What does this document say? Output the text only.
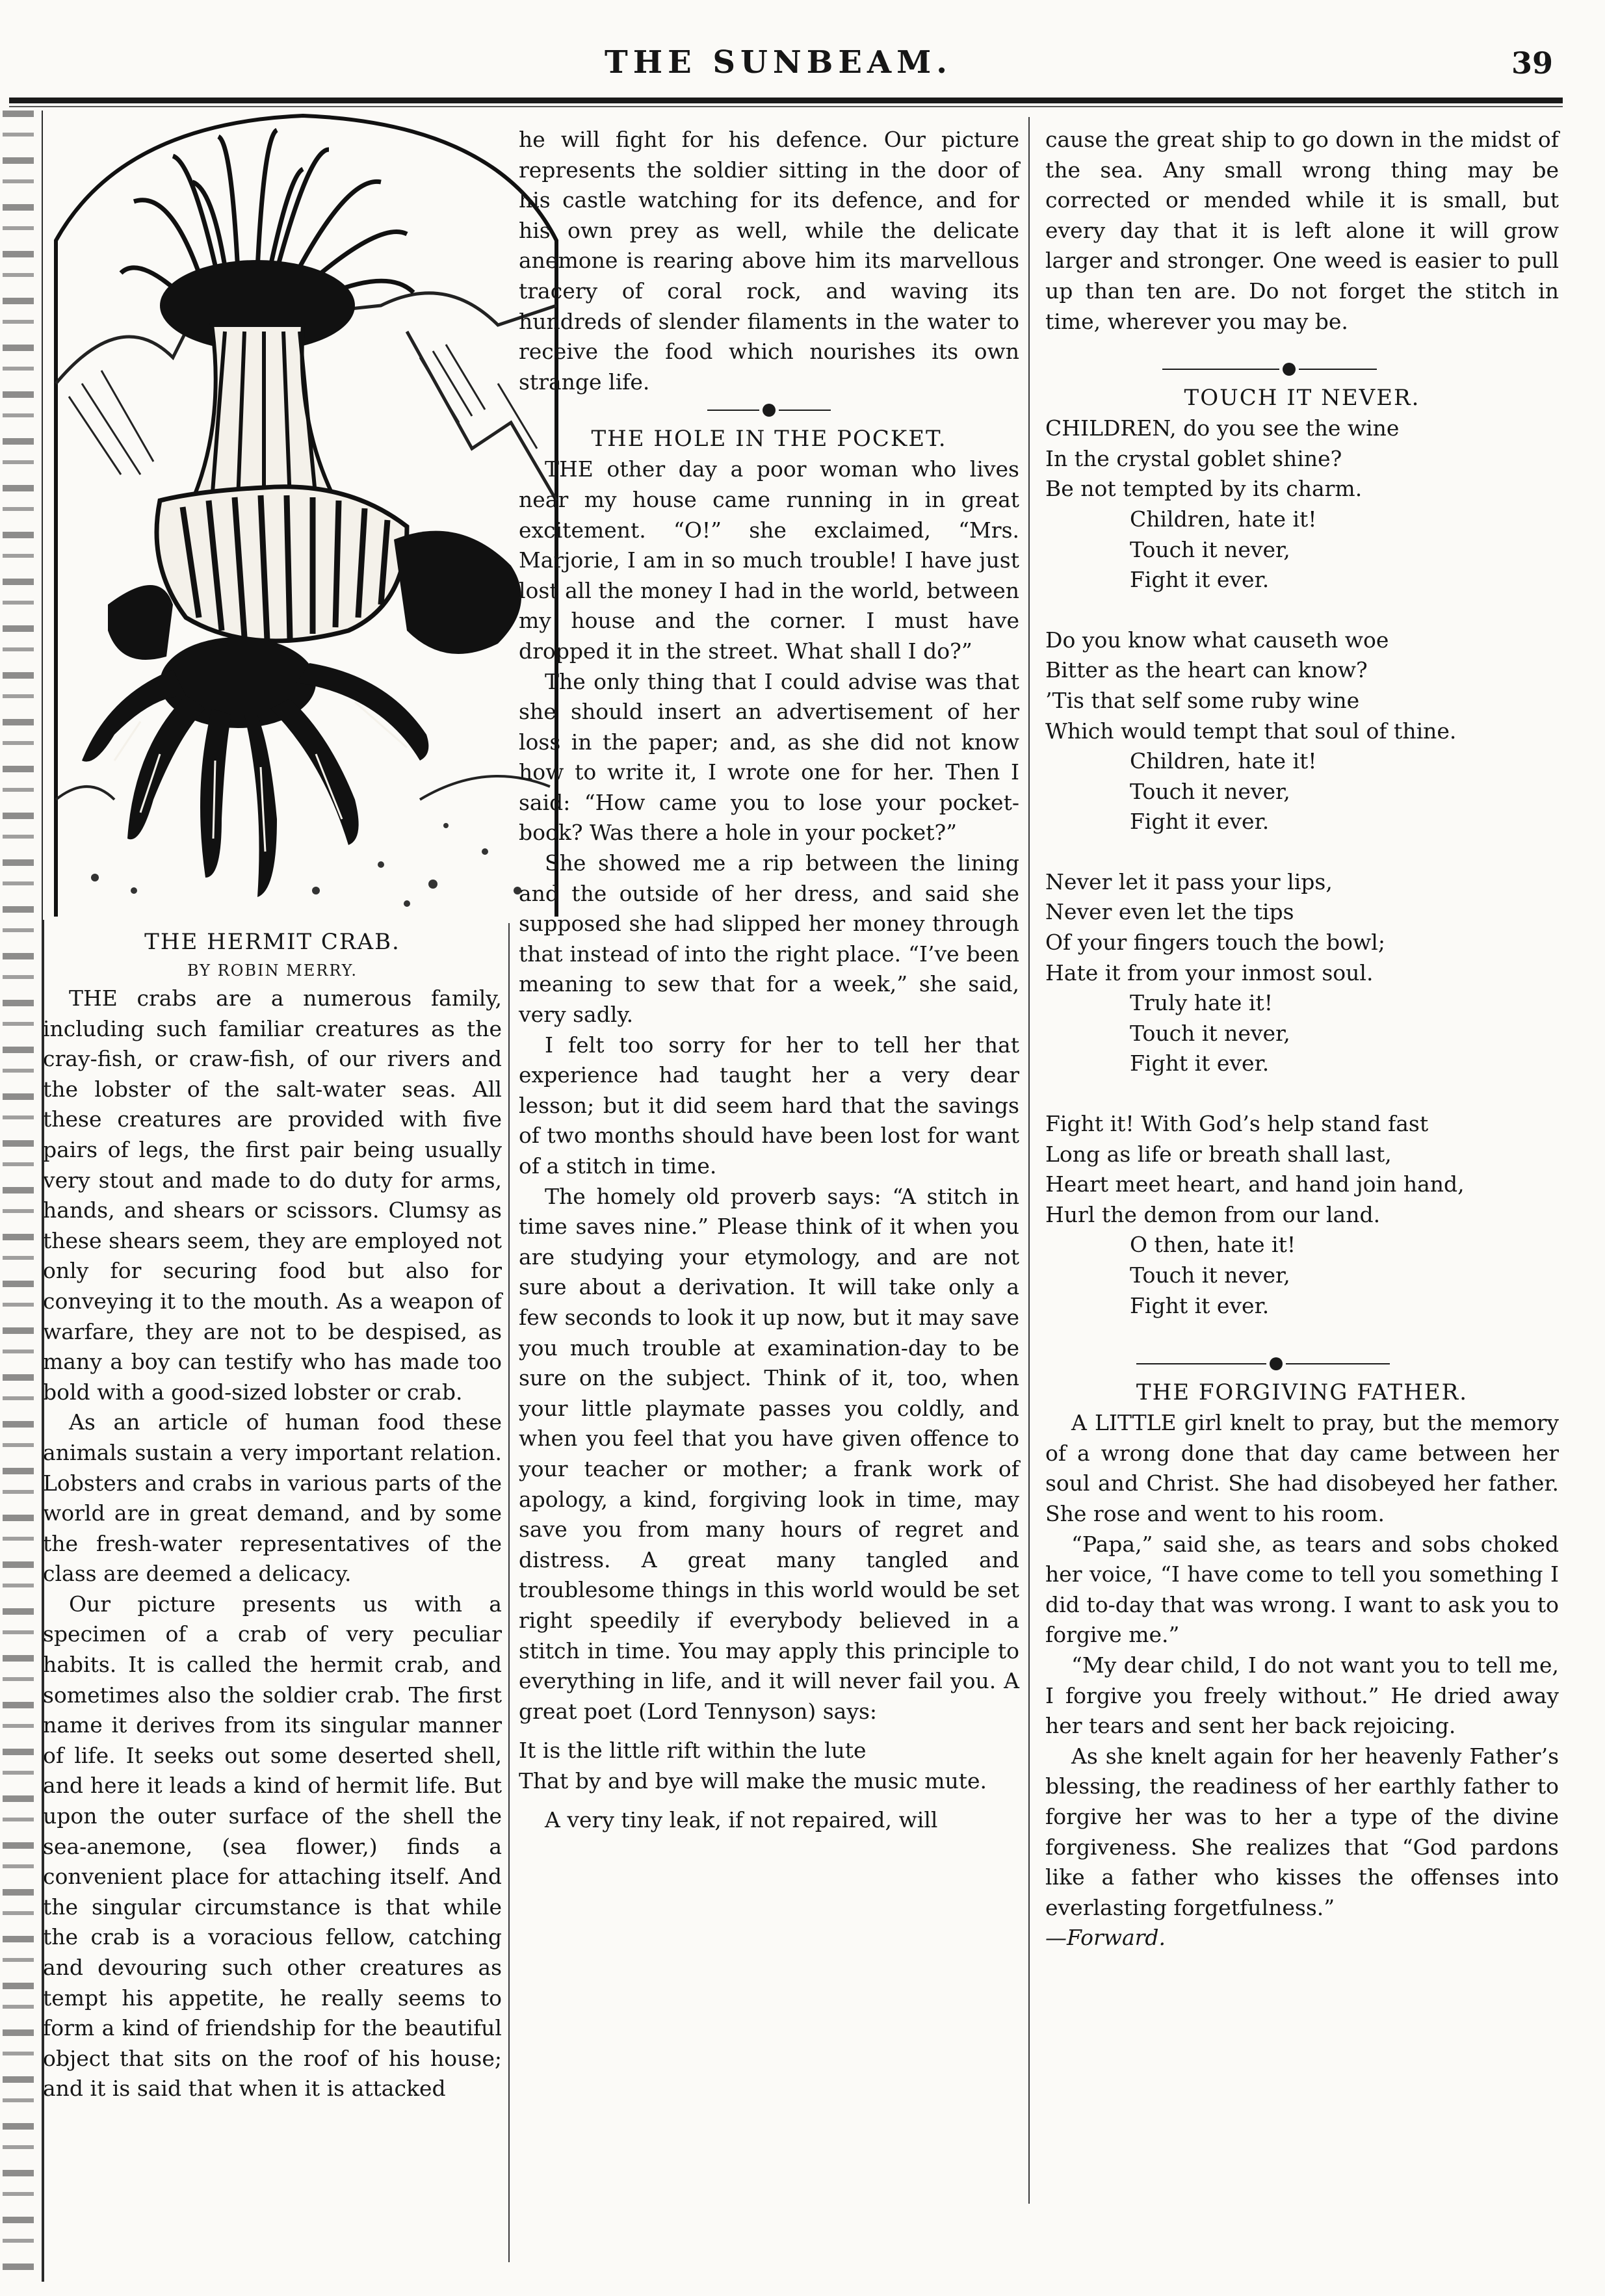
THE SUNBEAM.	39

THE HERMIT CRAB.

BY ROBIN MERRY.

THE crabs are a numerous family, including such familiar creatures as the cray-fish, or craw-fish, of our rivers and the lobster of the salt-water seas. All these creatures are provided with five pairs of legs, the first pair being usually very stout and made to do duty for arms, hands, and shears or scissors. Clumsy as these shears seem, they are employed not only for securing food but also for conveying it to the mouth. As a weapon of warfare, they are not to be despised, as many a boy can testify who has made too bold with a good-sized lobster or crab.

As an article of human food these animals sustain a very important relation. Lobsters and crabs in various parts of the world are in great demand, and by some the fresh-water representatives of the class are deemed a delicacy.

Our picture presents us with a specimen of a crab of very peculiar habits. It is called the hermit crab, and sometimes also the soldier crab. The first name it derives from its singular manner of life. It seeks out some deserted shell, and here it leads a kind of hermit life. But upon the outer surface of the shell the sea-anemone, (sea flower,) finds a convenient place for attaching itself. And the singular circumstance is that while the crab is a voracious fellow, catching and devouring such other creatures as tempt his appetite, he really seems to form a kind of friendship for the beautiful object that sits on the roof of his house; and it is said that when it is attacked

he will fight for his defence. Our picture represents the soldier sitting in the door of his castle watching for its defence, and for his own prey as well, while the delicate anemone is rearing above him its marvellous tracery of coral rock, and waving its hundreds of slender filaments in the water to receive the food which nourishes its own strange life.

THE HOLE IN THE POCKET.

THE other day a poor woman who lives near my house came running in in great excitement. “O!” she exclaimed, “Mrs. Marjorie, I am in so much trouble! I have just lost all the money I had in the world, between my house and the corner. I must have dropped it in the street. What shall I do?”

The only thing that I could advise was that she should insert an advertisement of her loss in the paper; and, as she did not know how to write it, I wrote one for her. Then I said: “How came you to lose your pocket-book? Was there a hole in your pocket?”

She showed me a rip between the lining and the outside of her dress, and said she supposed she had slipped her money through that instead of into the right place. “I’ve been meaning to sew that for a week,” she said, very sadly.

I felt too sorry for her to tell her that experience had taught her a very dear lesson; but it did seem hard that the savings of two months should have been lost for want of a stitch in time.

The homely old proverb says: “A stitch in time saves nine.” Please think of it when you are studying your etymology, and are not sure about a derivation. It will take only a few seconds to look it up now, but it may save you much trouble at examination-day to be sure on the subject. Think of it, too, when your little playmate passes you coldly, and when you feel that you have given offence to your teacher or mother; a frank work of apology, a kind, forgiving look in time, may save you from many hours of regret and distress. A great many tangled and troublesome things in this world would be set right speedily if everybody believed in a stitch in time. You may apply this principle to everything in life, and it will never fail you. A great poet (Lord Tennyson) says:

It is the little rift within the lute
That by and bye will make the music mute.

A very tiny leak, if not repaired, will

cause the great ship to go down in the midst of the sea. Any small wrong thing may be corrected or mended while it is small, but every day that it is left alone it will grow larger and stronger. One weed is easier to pull up than ten are. Do not forget the stitch in time, wherever you may be.

TOUCH IT NEVER.

CHILDREN, do you see the wine
In the crystal goblet shine?
Be not tempted by its charm.
Children, hate it!
Touch it never,
Fight it ever.
Do you know what causeth woe
Bitter as the heart can know?
’Tis that self some ruby wine
Which would tempt that soul of thine.
Children, hate it!
Touch it never,
Fight it ever.
Never let it pass your lips,
Never even let the tips
Of your fingers touch the bowl;
Hate it from your inmost soul.
Truly hate it!
Touch it never,
Fight it ever.
Fight it! With God’s help stand fast
Long as life or breath shall last,
Heart meet heart, and hand join hand,
Hurl the demon from our land.
O then, hate it!
Touch it never,
Fight it ever.

THE FORGIVING FATHER.

A LITTLE girl knelt to pray, but the memory of a wrong done that day came between her soul and Christ. She had disobeyed her father. She rose and went to his room.

“Papa,” said she, as tears and sobs choked her voice, “I have come to tell you something I did to-day that was wrong. I want to ask you to forgive me.”

“My dear child, I do not want you to tell me, I forgive you freely without.” He dried away her tears and sent her back rejoicing.

As she knelt again for her heavenly Father’s blessing, the readiness of her earthly father to forgive her was to her a type of the divine forgiveness. She realizes that “God pardons like a father who kisses the offenses into everlasting forgetfulness.”

—Forward.
